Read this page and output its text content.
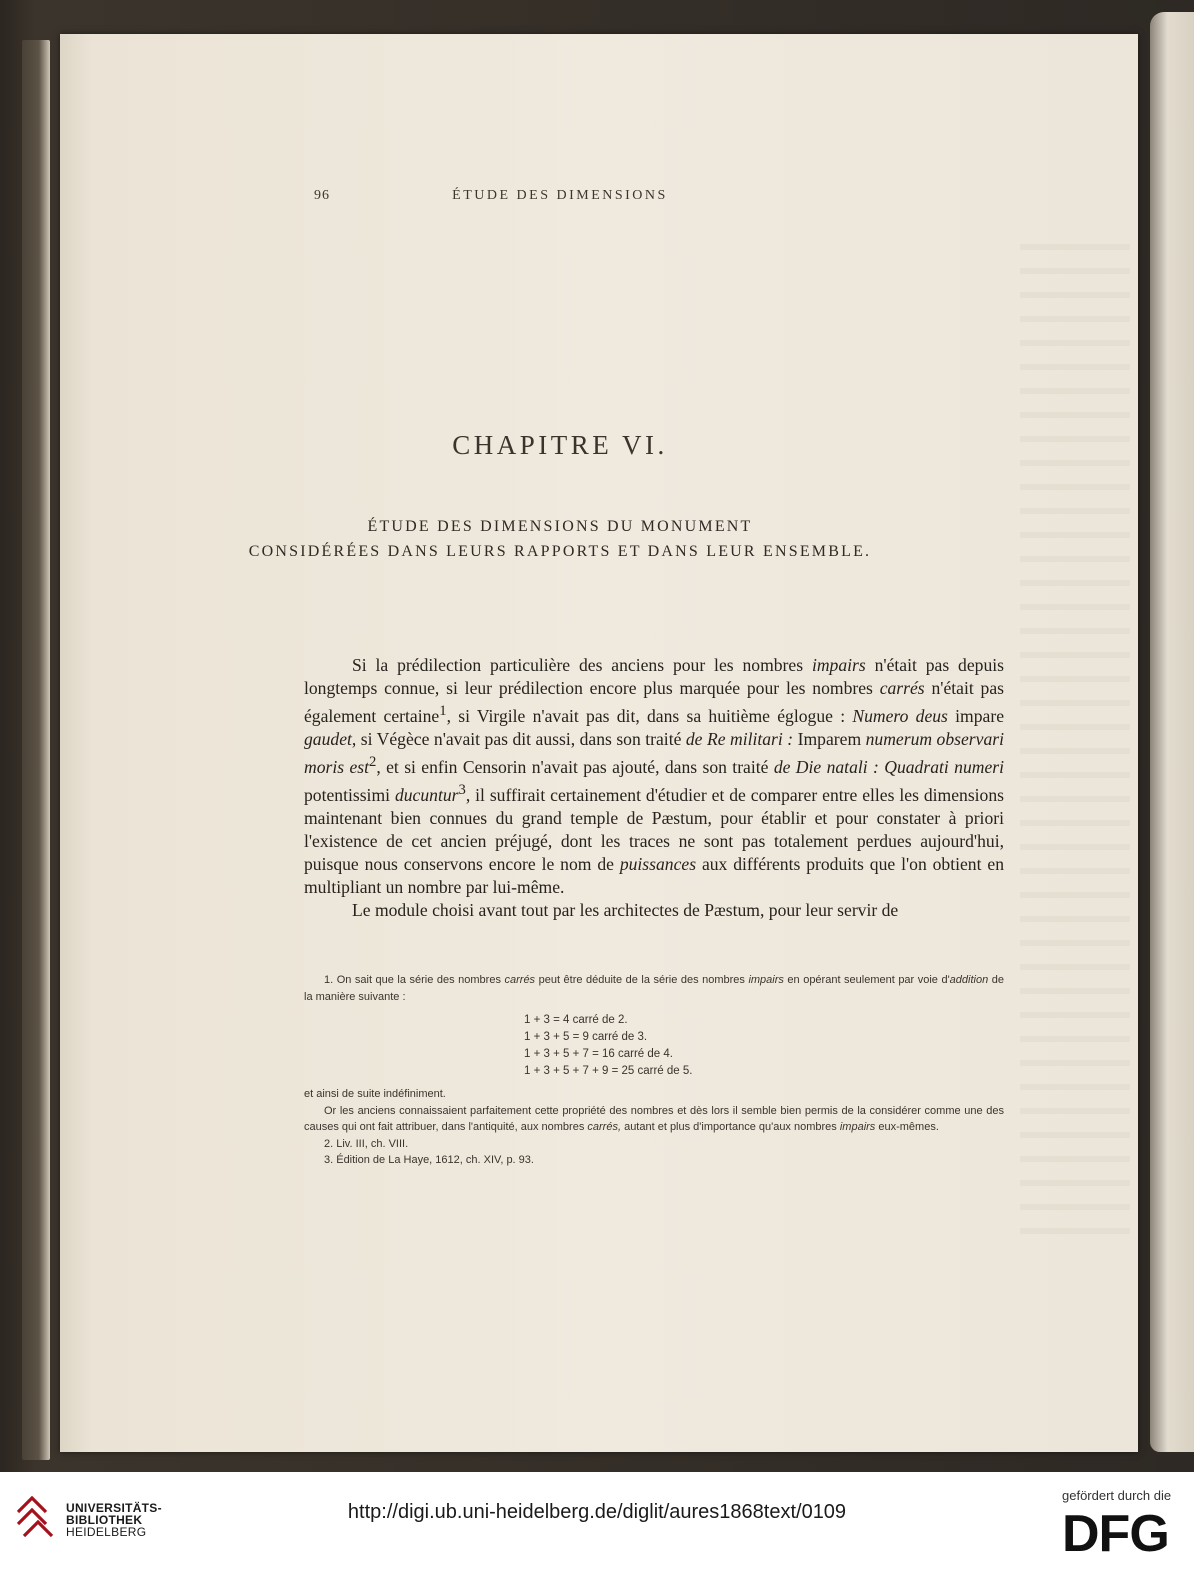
96	ÉTUDE DES DIMENSIONS
CHAPITRE VI.
ÉTUDE DES DIMENSIONS DU MONUMENT
CONSIDÉRÉES DANS LEURS RAPPORTS ET DANS LEUR ENSEMBLE.

Si la prédilection particulière des anciens pour les nombres impairs n'était pas depuis longtemps connue, si leur prédilection encore plus marquée pour les nombres carrés n'était pas également certaine$^1$, si Virgile n'avait pas dit, dans sa huitième églogue : Numero deus impare gaudet, si Végèce n'avait pas dit aussi, dans son traité de Re militari : Imparem numerum observari moris est$^2$, et si enfin Censorin n'avait pas ajouté, dans son traité de Die natali : Quadrati numeri potentissimi ducuntur$^3$, il suffirait certainement d'étudier et de comparer entre elles les dimensions maintenant bien connues du grand temple de Pæstum, pour établir et pour constater à priori l'existence de cet ancien préjugé, dont les traces ne sont pas totalement perdues aujourd'hui, puisque nous conservons encore le nom de puissances aux différents produits que l'on obtient en multipliant un nombre par lui-même.

Le module choisi avant tout par les architectes de Pæstum, pour leur servir de

1. On sait que la série des nombres carrés peut être déduite de la série des nombres impairs en opérant seulement par voie d'addition de la manière suivante :

1 + 3 = 4 carré de 2.
1 + 3 + 5 = 9 carré de 3.
1 + 3 + 5 + 7 = 16 carré de 4.
1 + 3 + 5 + 7 + 9 = 25 carré de 5.

et ainsi de suite indéfiniment.

Or les anciens connaissaient parfaitement cette propriété des nombres et dès lors il semble bien permis de la considérer comme une des causes qui ont fait attribuer, dans l'antiquité, aux nombres carrés, autant et plus d'importance qu'aux nombres impairs eux-mêmes.

2. Liv. III, ch. VIII.

3. Édition de La Haye, 1612, ch. XIV, p. 93.

UNIVERSITÄTS-
BIBLIOTHEK
HEIDELBERG
http://digi.ub.uni-heidelberg.de/diglit/aures1868text/0109
gefördert durch die
DFG
